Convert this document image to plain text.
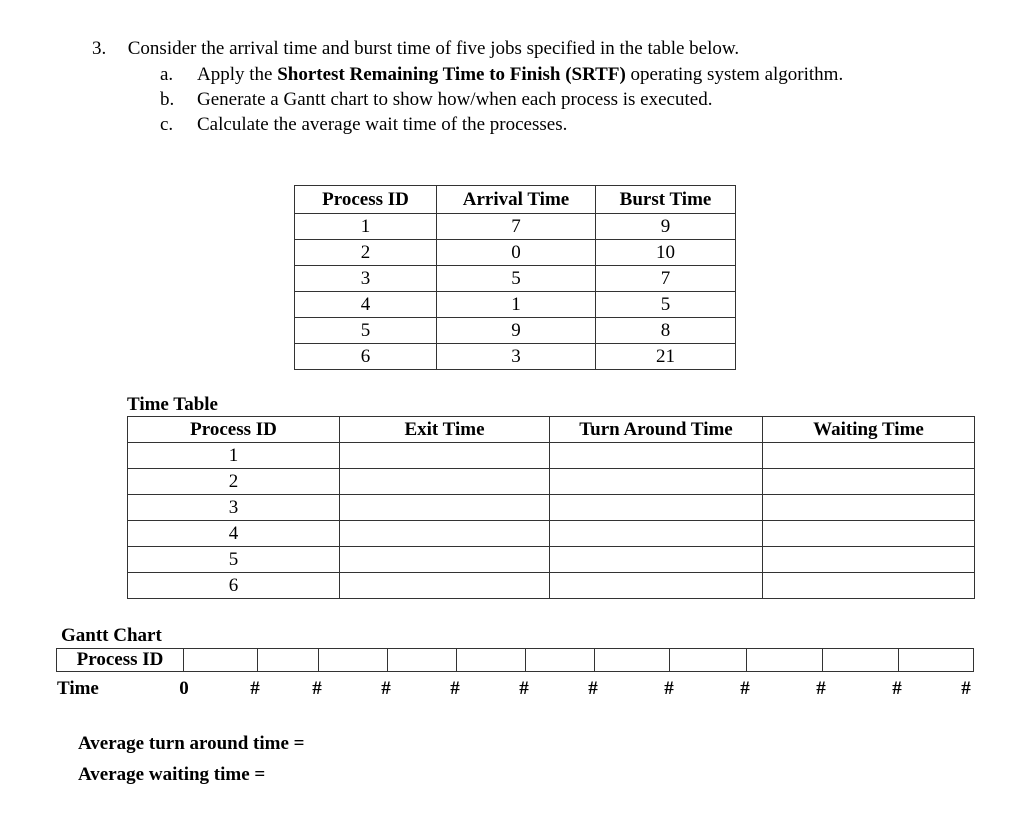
3. Consider the arrival time and burst time of five jobs specified in the table below.
a. Apply the Shortest Remaining Time to Finish (SRTF) operating system algorithm.
b. Generate a Gantt chart to show how/when each process is executed.
c. Calculate the average wait time of the processes.
Process ID	Arrival Time	Burst Time
1	7	9
2	0	10
3	5	7
4	1	5
5	9	8
6	3	21
Time Table
Process ID	Exit Time	Turn Around Time	Waiting Time
1			
2			
3			
4			
5			
6			
Gantt Chart
Process ID
Time	0	#	#	#	#	#	#	#	#	#	#	#
Average turn around time =
Average waiting time =
